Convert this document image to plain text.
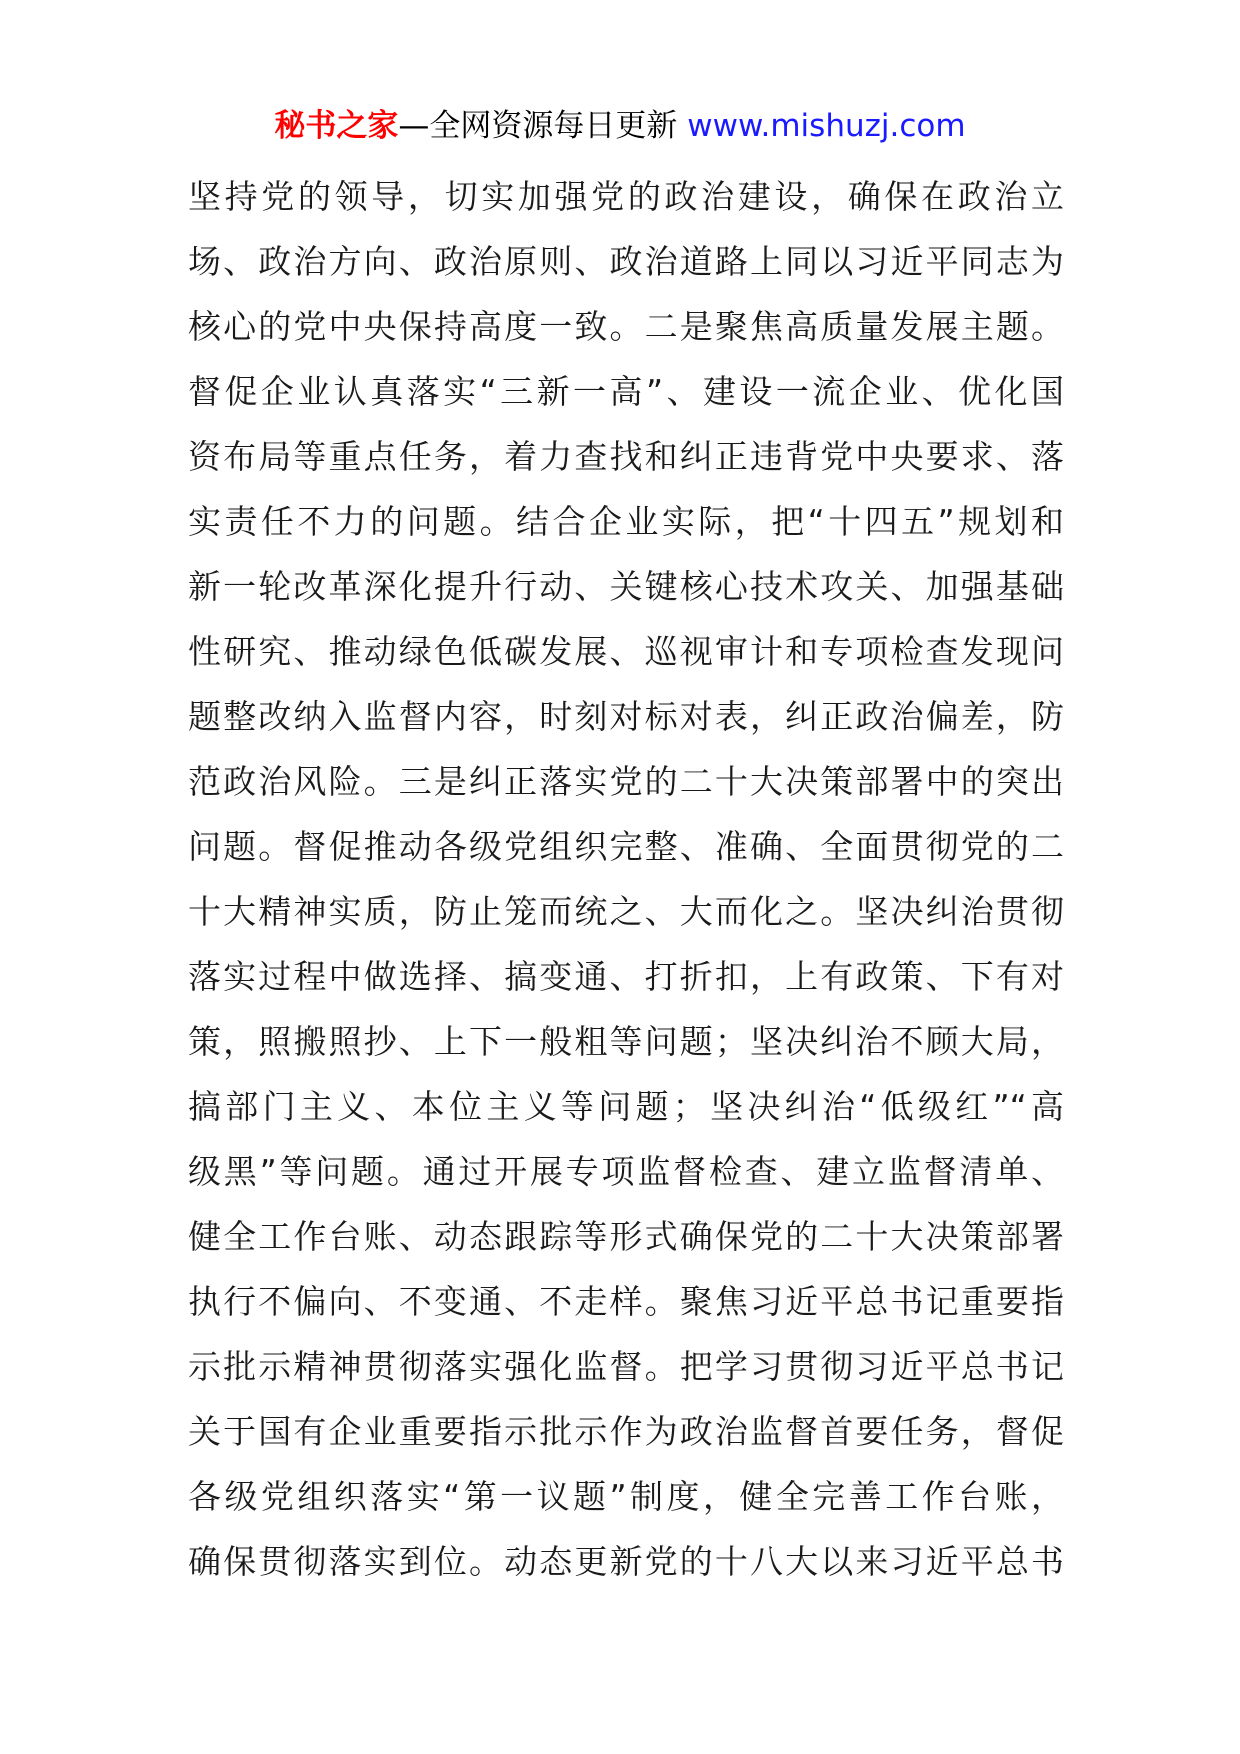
秘书之家—全网资源每日更新 www.mishuzj.com
坚持党的领导，切实加强党的政治建设，确保在政治立
场、政治方向、政治原则、政治道路上同以习近平同志为
核心的党中央保持高度一致。二是聚焦高质量发展主题。
督促企业认真落实“三新一高”、建设一流企业、优化国
资布局等重点任务，着力查找和纠正违背党中央要求、落
实责任不力的问题。结合企业实际，把“十四五”规划和
新一轮改革深化提升行动、关键核心技术攻关、加强基础
性研究、推动绿色低碳发展、巡视审计和专项检查发现问
题整改纳入监督内容，时刻对标对表，纠正政治偏差，防
范政治风险。三是纠正落实党的二十大决策部署中的突出
问题。督促推动各级党组织完整、准确、全面贯彻党的二
十大精神实质，防止笼而统之、大而化之。坚决纠治贯彻
落实过程中做选择、搞变通、打折扣，上有政策、下有对
策，照搬照抄、上下一般粗等问题；坚决纠治不顾大局，
搞部门主义、本位主义等问题；坚决纠治“低级红”“高
级黑”等问题。通过开展专项监督检查、建立监督清单、
健全工作台账、动态跟踪等形式确保党的二十大决策部署
执行不偏向、不变通、不走样。聚焦习近平总书记重要指
示批示精神贯彻落实强化监督。把学习贯彻习近平总书记
关于国有企业重要指示批示作为政治监督首要任务，督促
各级党组织落实“第一议题”制度，健全完善工作台账，
确保贯彻落实到位。动态更新党的十八大以来习近平总书
